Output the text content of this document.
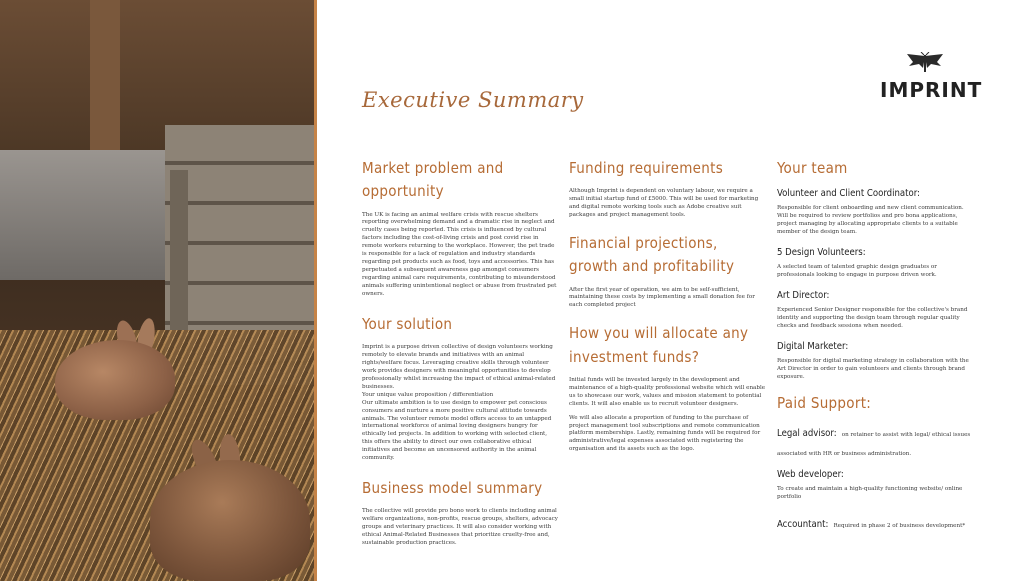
Executive Summary	IMPRINT
Market problem and opportunity
The UK is facing an animal welfare crisis with rescue shelters reporting overwhelming demand and a dramatic rise in neglect and cruelty cases being reported. This crisis is influenced by cultural factors including the cost-of-living crisis and post covid rise in remote workers returning to the workplace. However, the pet trade is responsible for a lack of regulation and industry standards regarding pet products such as food, toys and accessories. This has perpetuated a subsequent awareness gap amongst consumers regarding animal care requirements, contributing to misunderstood animals suffering unintentional neglect or abuse from frustrated pet owners.
Your solution
Imprint is a purpose driven collective of design volunteers working remotely to elevate brands and initiatives with an animal rights/welfare focus. Leveraging creative skills through volunteer work provides designers with meaningful opportunities to develop professionally whilst increasing the impact of ethical animal-related businesses.
Your unique value proposition / differentiation
Our ultimate ambition is to use design to empower pet conscious consumers and nurture a more positive cultural attitude towards animals. The volunteer remote model offers access to an untapped international workforce of animal loving designers hungry for ethically led projects. In addition to working with selected client, this offers the ability to direct our own collaborative ethical initiatives and become an uncensored authority in the animal community.
Business model summary
The collective will provide pro bono work to clients including animal welfare organizations, non-profits, rescue groups, shelters, advocacy groups and veterinary practices. It will also consider working with ethical Animal-Related Businesses that prioritize cruelty-free and, sustainable production practices.
Funding requirements
Although Imprint is dependent on voluntary labour, we require a small initial startup fund of £5000. This will be used for marketing and digital remote working tools such as Adobe creative suit packages and project management tools.
Financial projections, growth and profitability
After the first year of operation, we aim to be self-sufficient, maintaining these costs by implementing a small donation fee for each completed project
How you will allocate any investment funds?
Initial funds will be invested largely in the development and maintenance of a high-quality professional website which will enable us to showcase our work, values and mission statement to potential clients. It will also enable us to recruit volunteer designers.
We will also allocate a proportion of funding to the purchase of project management tool subscriptions and remote communication platform memberships. Lastly, remaining funds will be required for administrative/legal expenses associated with registering the organisation and its assets such as the logo.
Your team
Volunteer and Client Coordinator:
Responsible for client onboarding and new client communication. Will be required to review portfolios and pro bona applications, project managing by allocating appropriate clients to a suitable member of the design team.
5 Design Volunteers:
A selected team of talented graphic design graduates or professionals looking to engage in purpose driven work.
Art Director:
Experienced Senior Designer responsible for the collective's brand identity and supporting the design team through regular quality checks and feedback sessions when needed.
Digital Marketer:
Responsible for digital marketing strategy in collaboration with the Art Director in order to gain volunteers and clients through brand exposure.
Paid Support:
Legal advisor: on retainer to assist with legal/ ethical issues associated with HR or business administration.
Web developer:
To create and maintain a high-quality functioning website/ online portfolio
Accountant: Required in phase 2 of business development*
